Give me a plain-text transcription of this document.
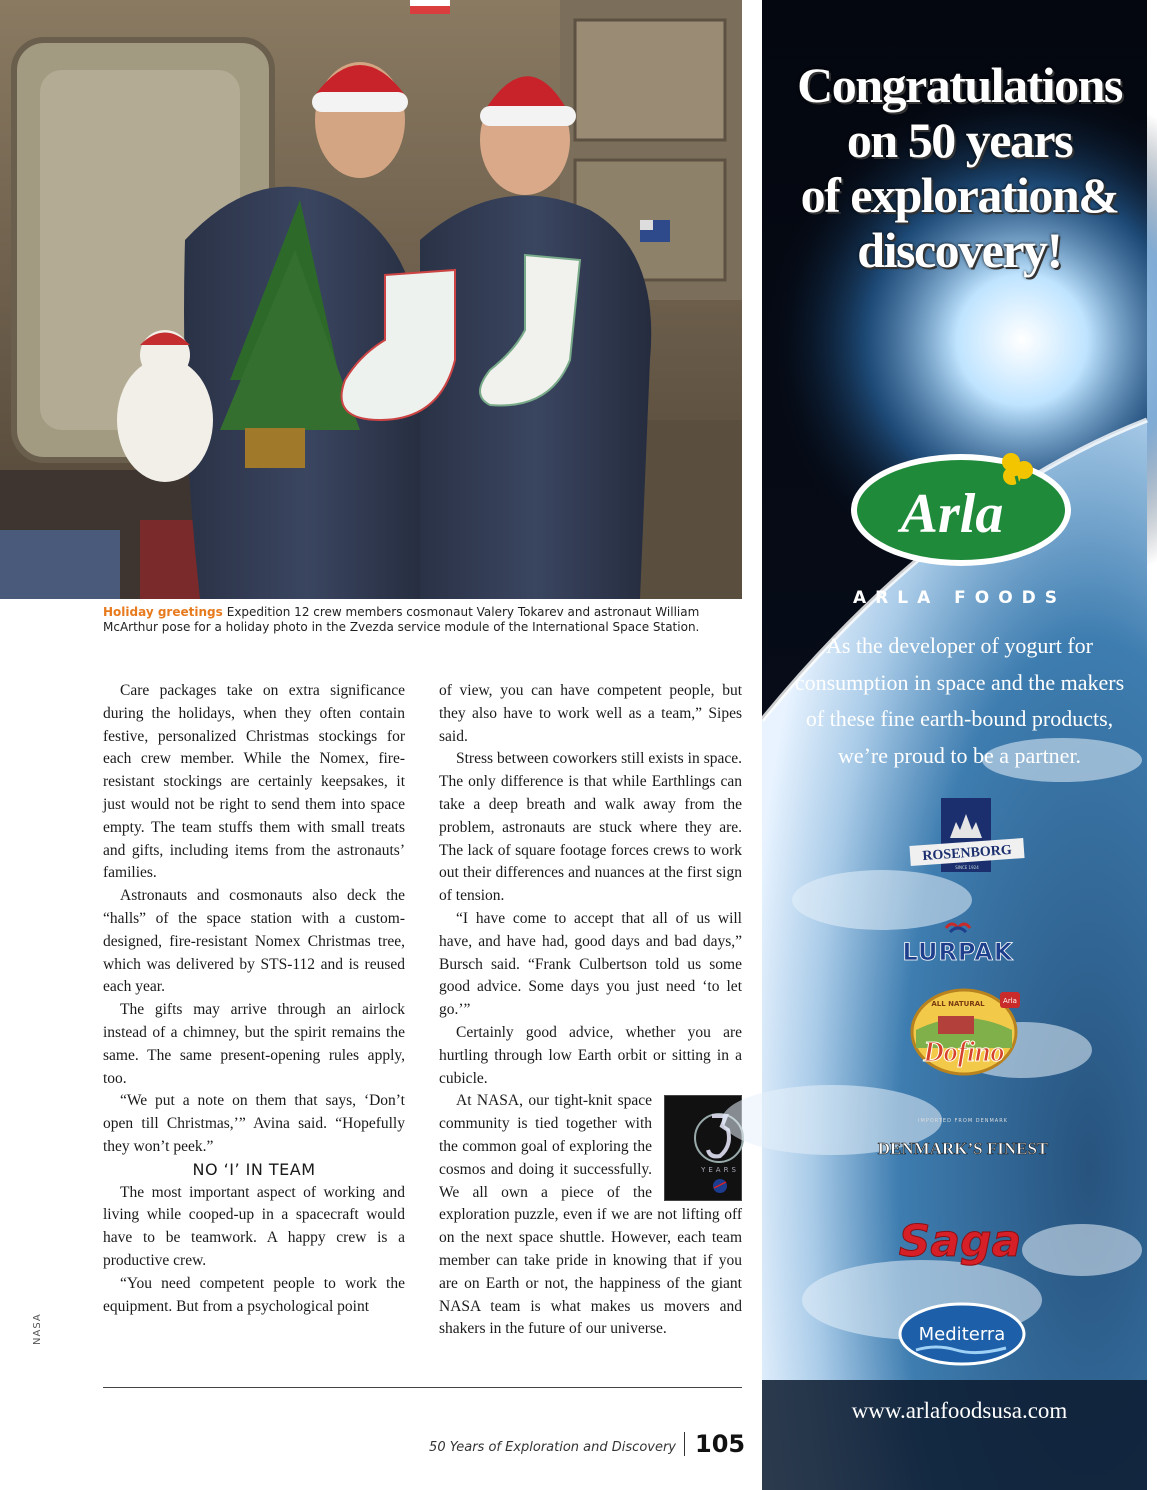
NASA
Holiday greetings Expedition 12 crew members cosmonaut Valery Tokarev and astronaut William McArthur pose for a holiday photo in the Zvezda service module of the International Space Station.

Care packages take on extra significance during the holidays, when they often contain festive, personalized Christmas stockings for each crew member. While the Nomex, fire-resistant stockings are certainly keepsakes, it just would not be right to send them into space empty. The team stuffs them with small treats and gifts, including items from the astronauts’ families.

Astronauts and cosmonauts also deck the “halls” of the space station with a custom-designed, fire-resistant Nomex Christmas tree, which was delivered by STS-112 and is reused each year.

The gifts may arrive through an airlock instead of a chimney, but the spirit remains the same. The same present-opening rules apply, too.

“We put a note on them that says, ‘Don’t open till Christmas,’” Avina said. “Hopefully they won’t peek.”

NO ‘I’ IN TEAM

The most important aspect of working and living while cooped-up in a spacecraft would have to be teamwork. A happy crew is a productive crew.

“You need competent people to work the equipment. But from a psychological point

of view, you can have competent people, but they also have to work well as a team,” Sipes said.

Stress between coworkers still exists in space. The only difference is that while Earthlings can take a deep breath and walk away from the problem, astronauts are stuck where they are. The lack of square footage forces crews to work out their differences and nuances at the first sign of tension.

“I have come to accept that all of us will have, and have had, good days and bad days,” Bursch said. “Frank Culbertson told us some good advice. Some days you just need ‘to let go.’”

Certainly good advice, whether you are hurtling through low Earth orbit or sitting in a cubicle.

YEARS
At NASA, our tight-knit space community is tied together with the common goal of exploring the cosmos and doing it successfully. We all own a piece of the exploration puzzle, even if we are not lifting off on the next space shuttle. However, each team member can take pride in knowing that if you are on Earth or not, the happiness of the giant NASA team is what makes us movers and shakers in the future of our universe.

50 Years of Exploration and Discovery 105
Congratulations
on 50 years
of exploration&
discovery!
Arla
ARLA FOODS
As the developer of yogurt for
consumption in space and the makers
of these fine earth-bound products,
we’re proud to be a partner.
ROSENBORG
SINCE 1924
LURPAK
ALL NATURAL
Dofino
Arla
IMPORTED FROM DENMARK
DENMARK’S FINEST
Saga
Mediterra
www.arlafoodsusa.com
